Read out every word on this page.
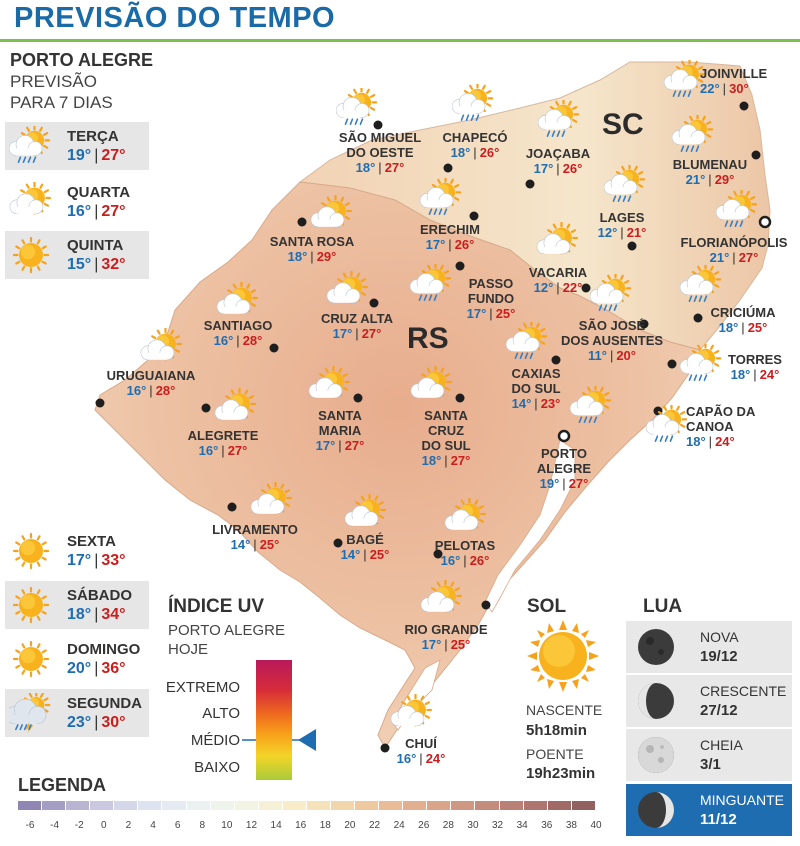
PREVISÃO DO TEMPO
PORTO ALEGRE
PREVISÃO
PARA 7 DIAS
TERÇA
19° | 27°
QUARTA
16° | 27°
QUINTA
15° | 32°
SEXTA
17° | 33°
SÁBADO
18° | 34°
DOMINGO
20° | 36°
SEGUNDA
23° | 30°
SC
RS
JOINVILLE
22° | 30°
SÃO MIGUEL
DO OESTE
18° | 27°
CHAPECÓ
18° | 26°	JOAÇABA
17° | 26°	BLUMENAU
21° | 29°
LAGES
12° | 21°
FLORIANÓPOLIS
21° | 27°
ERECHIM
17° | 26°
SANTA ROSA
18° | 29°
PASSO
FUNDO
17° | 25°
VACARIA
12° | 22°
SANTIAGO
16° | 28°
CRUZ ALTA
17° | 27°
SÃO JOSÉ
DOS AUSENTES
11° | 20°
CRICIÚMA
18° | 25°
URUGUAIANA
16° | 28°
CAXIAS
DO SUL
14° | 23°
TORRES
18° | 24°
ALEGRETE
16° | 27°
SANTA
MARIA
17° | 27°
SANTA
CRUZ
DO SUL
18° | 27°
CAPÃO DA
CANOA
18° | 24°
PORTO
ALEGRE
19° | 27°
LIVRAMENTO
14° | 25°	BAGÉ
14° | 25°
PELOTAS
16° | 26°
RIO GRANDE
17° | 25°
CHUÍ
16° | 24°
ÍNDICE UV
PORTO ALEGRE
HOJE
EXTREMO
ALTO
MÉDIO
BAIXO
SOL
NASCENTE
5h18min
POENTE
19h23min
LUA
NOVA
19/12
CRESCENTE
27/12
CHEIA
3/1
MINGUANTE
11/12
LEGENDA
-6 -4 -2 0 2 4 6 8 10 12 14 16 18 20 22 24 26 28 30 32 34 36 38 40
